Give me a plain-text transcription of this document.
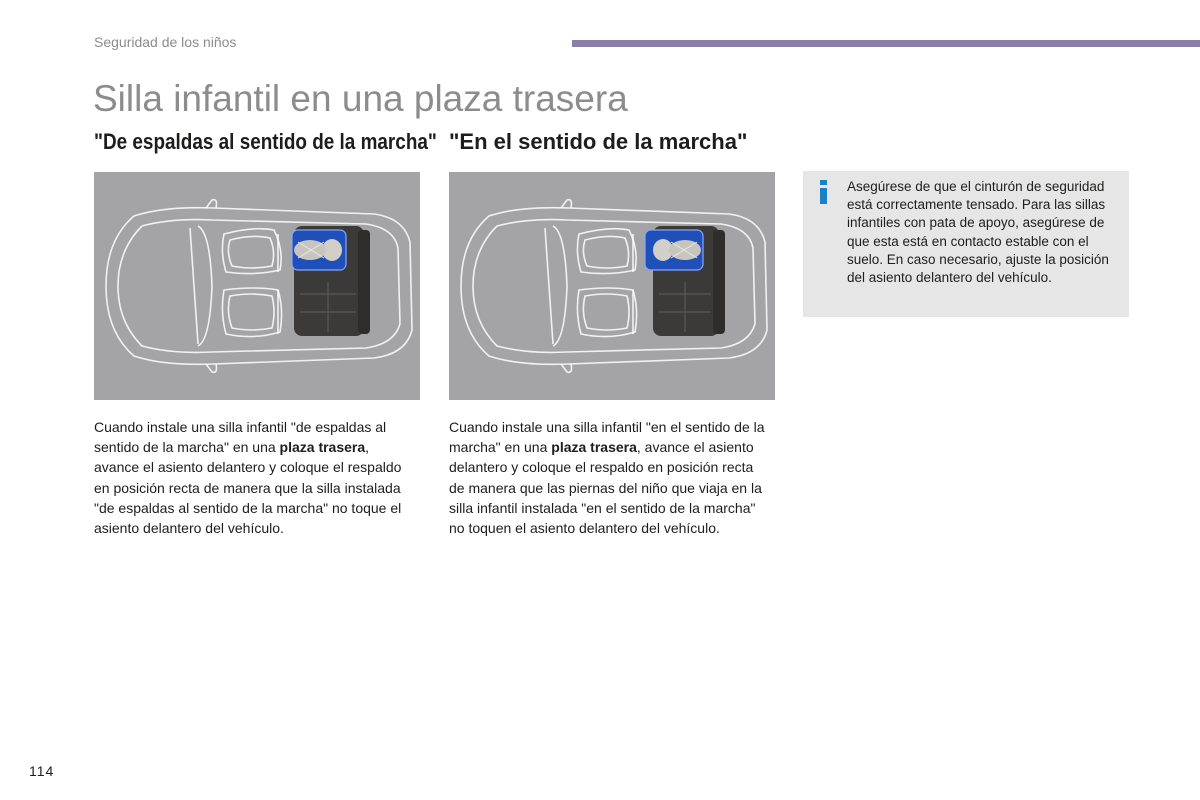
Seguridad de los niños
Silla infantil en una plaza trasera
"De espaldas al sentido de la marcha" "En el sentido de la marcha"

Cuando instale una silla infantil "de espaldas al sentido de la marcha" en una plaza trasera, avance el asiento delantero y coloque el respaldo en posición recta de manera que la silla instalada "de espaldas al sentido de la marcha" no toque el asiento delantero del vehículo.

Cuando instale una silla infantil "en el sentido de la marcha" en una plaza trasera, avance el asiento delantero y coloque el respaldo en posición recta de manera que las piernas del niño que viaja en la silla infantil instalada "en el sentido de la marcha" no toquen el asiento delantero del vehículo.

Asegúrese de que el cinturón de seguridad está correctamente tensado. Para las sillas infantiles con pata de apoyo, asegúrese de que esta está en contacto estable con el suelo. En caso necesario, ajuste la posición del asiento delantero del vehículo.

114
